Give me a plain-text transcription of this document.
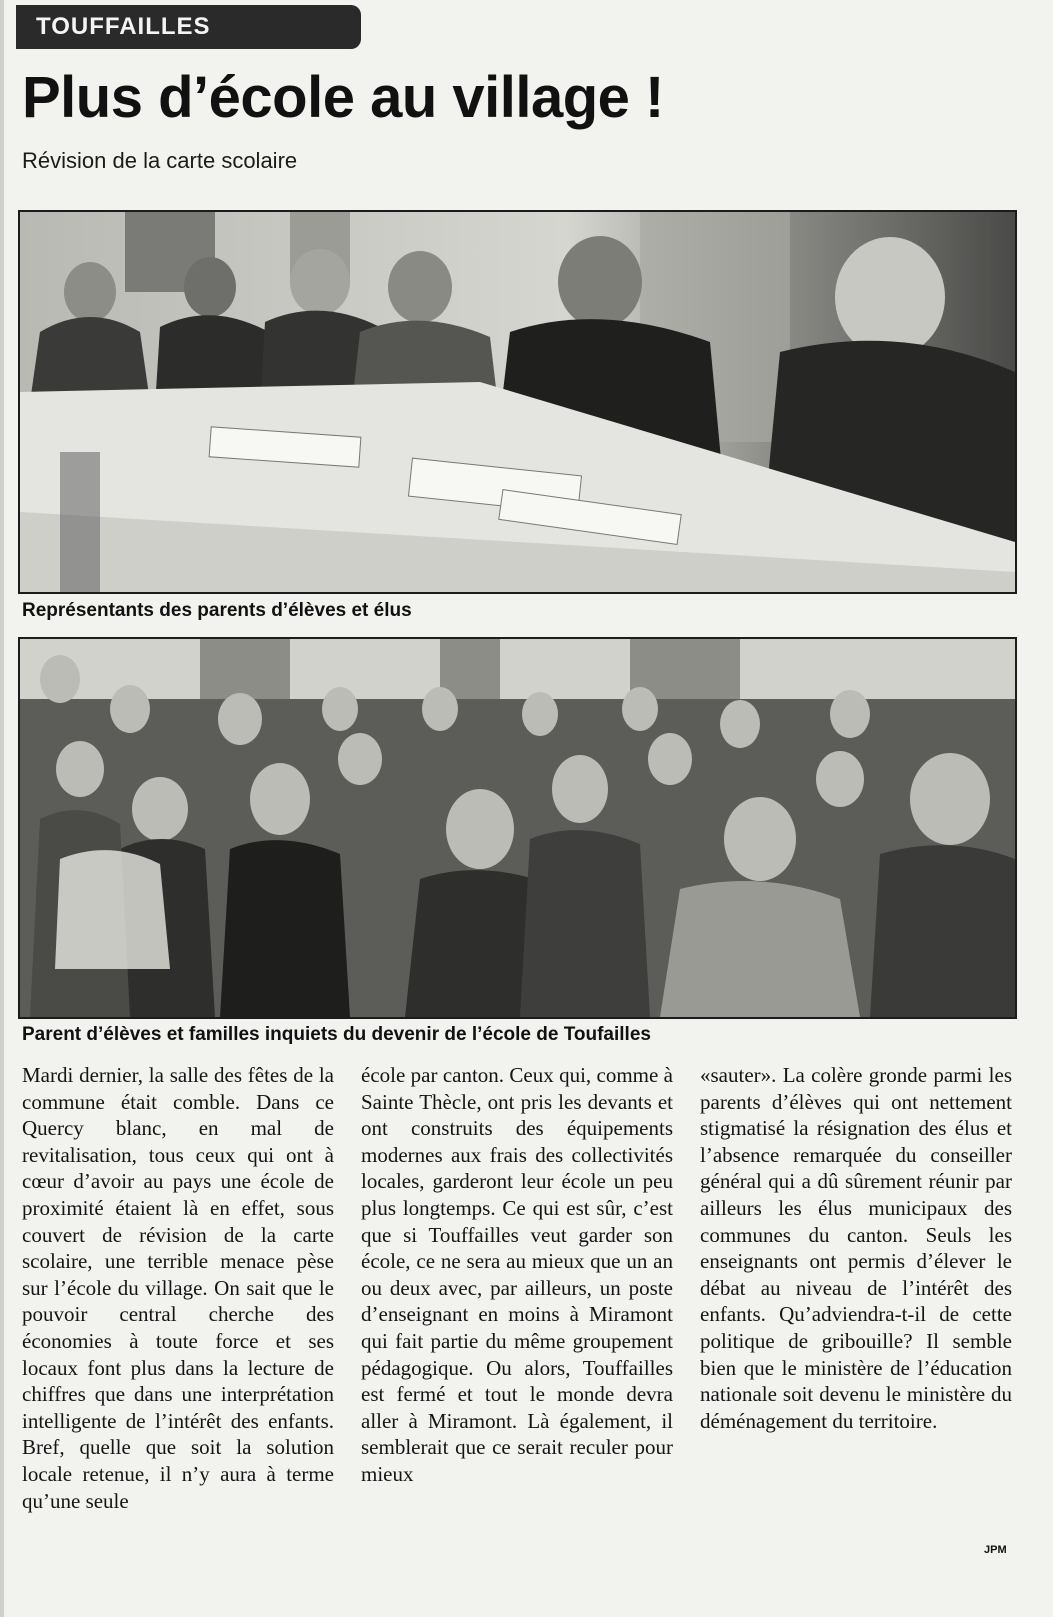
TOUFFAILLES
Plus d’école au village !
Révision de la carte scolaire
Représentants des parents d’élèves et élus
Parent d’élèves et familles inquiets du devenir de l’école de Toufailles
Mardi dernier, la salle des fêtes de la commune était comble. Dans ce Quercy blanc, en mal de revitalisation, tous ceux qui ont à cœur d’avoir au pays une école de proximité étaient là en effet, sous couvert de révision de la carte scolaire, une terrible menace pèse sur l’école du village. On sait que le pouvoir central cherche des économies à toute force et ses locaux font plus dans la lecture de chiffres que dans une interprétation intelligente de l’intérêt des enfants. Bref, quelle que soit la solution locale retenue, il n’y aura à terme qu’une seule
école par canton. Ceux qui, comme à Sainte Thècle, ont pris les devants et ont construits des équipements modernes aux frais des collectivités locales, garderont leur école un peu plus longtemps. Ce qui est sûr, c’est que si Touffailles veut garder son école, ce ne sera au mieux que un an ou deux avec, par ailleurs, un poste d’enseignant en moins à Miramont qui fait partie du même groupement pédagogique. Ou alors, Touffailles est fermé et tout le monde devra aller à Miramont. Là également, il semblerait que ce serait reculer pour mieux
«sauter». La colère gronde parmi les parents d’élèves qui ont nettement stigmatisé la résignation des élus et l’absence remarquée du conseiller général qui a dû sûrement réunir par ailleurs les élus municipaux des communes du canton. Seuls les enseignants ont permis d’élever le débat au niveau de l’intérêt des enfants. Qu’adviendra-t-il de cette politique de gribouille? Il semble bien que le ministère de l’éducation nationale soit devenu le ministère du déménagement du territoire.
JPM
